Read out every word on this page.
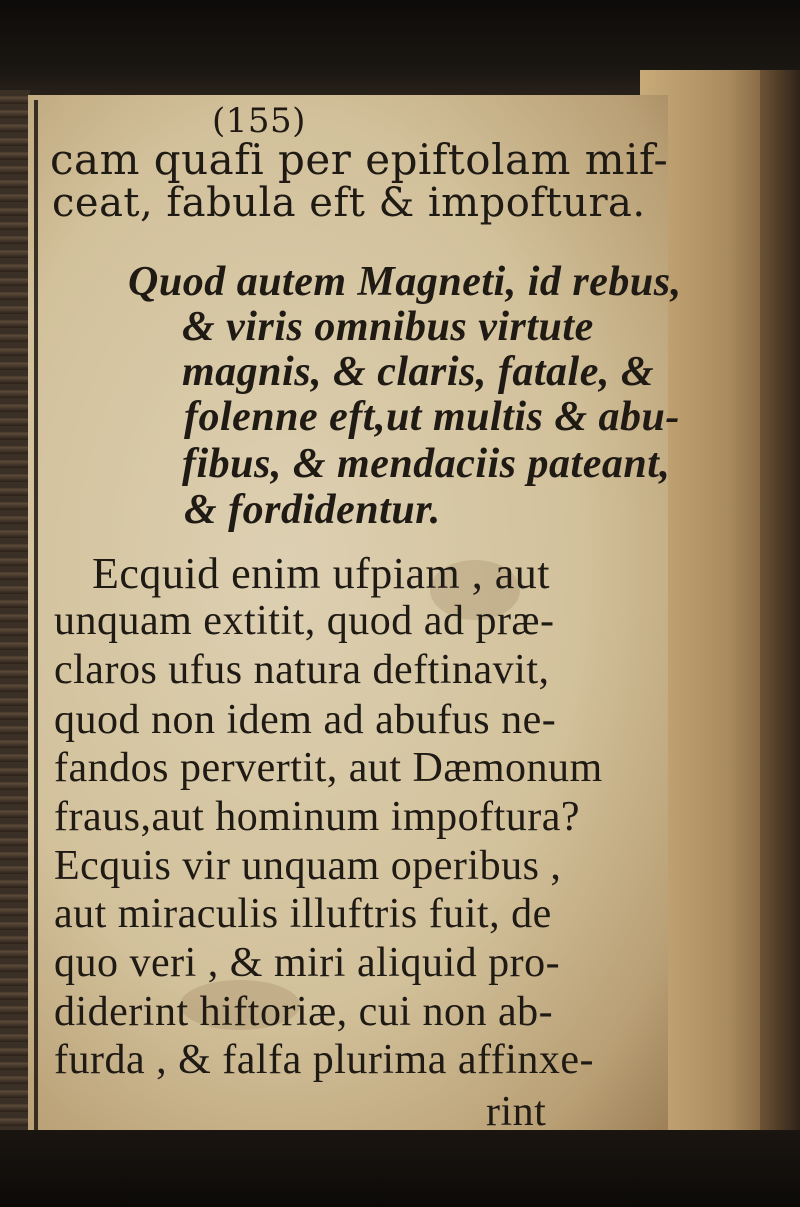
(155)
cam quafi per epiftolam mif-
ceat, fabula eft & impoftura.
Quod autem Magneti, id rebus,
& viris omnibus virtute
magnis, & claris, fatale, &
folenne eft,ut multis & abu-
fibus, & mendaciis pateant,
& fordidentur.
Ecquid enim ufpiam , aut
unquam extitit, quod ad præ-
claros ufus natura deftinavit,
quod non idem ad abufus ne-
fandos pervertit, aut Dæmonum
fraus,aut hominum impoftura?
Ecquis vir unquam operibus ,
aut miraculis illuftris fuit, de
quo veri , & miri aliquid pro-
diderint hiftoriæ, cui non ab-
furda , & falfa plurima affinxe-
rint
